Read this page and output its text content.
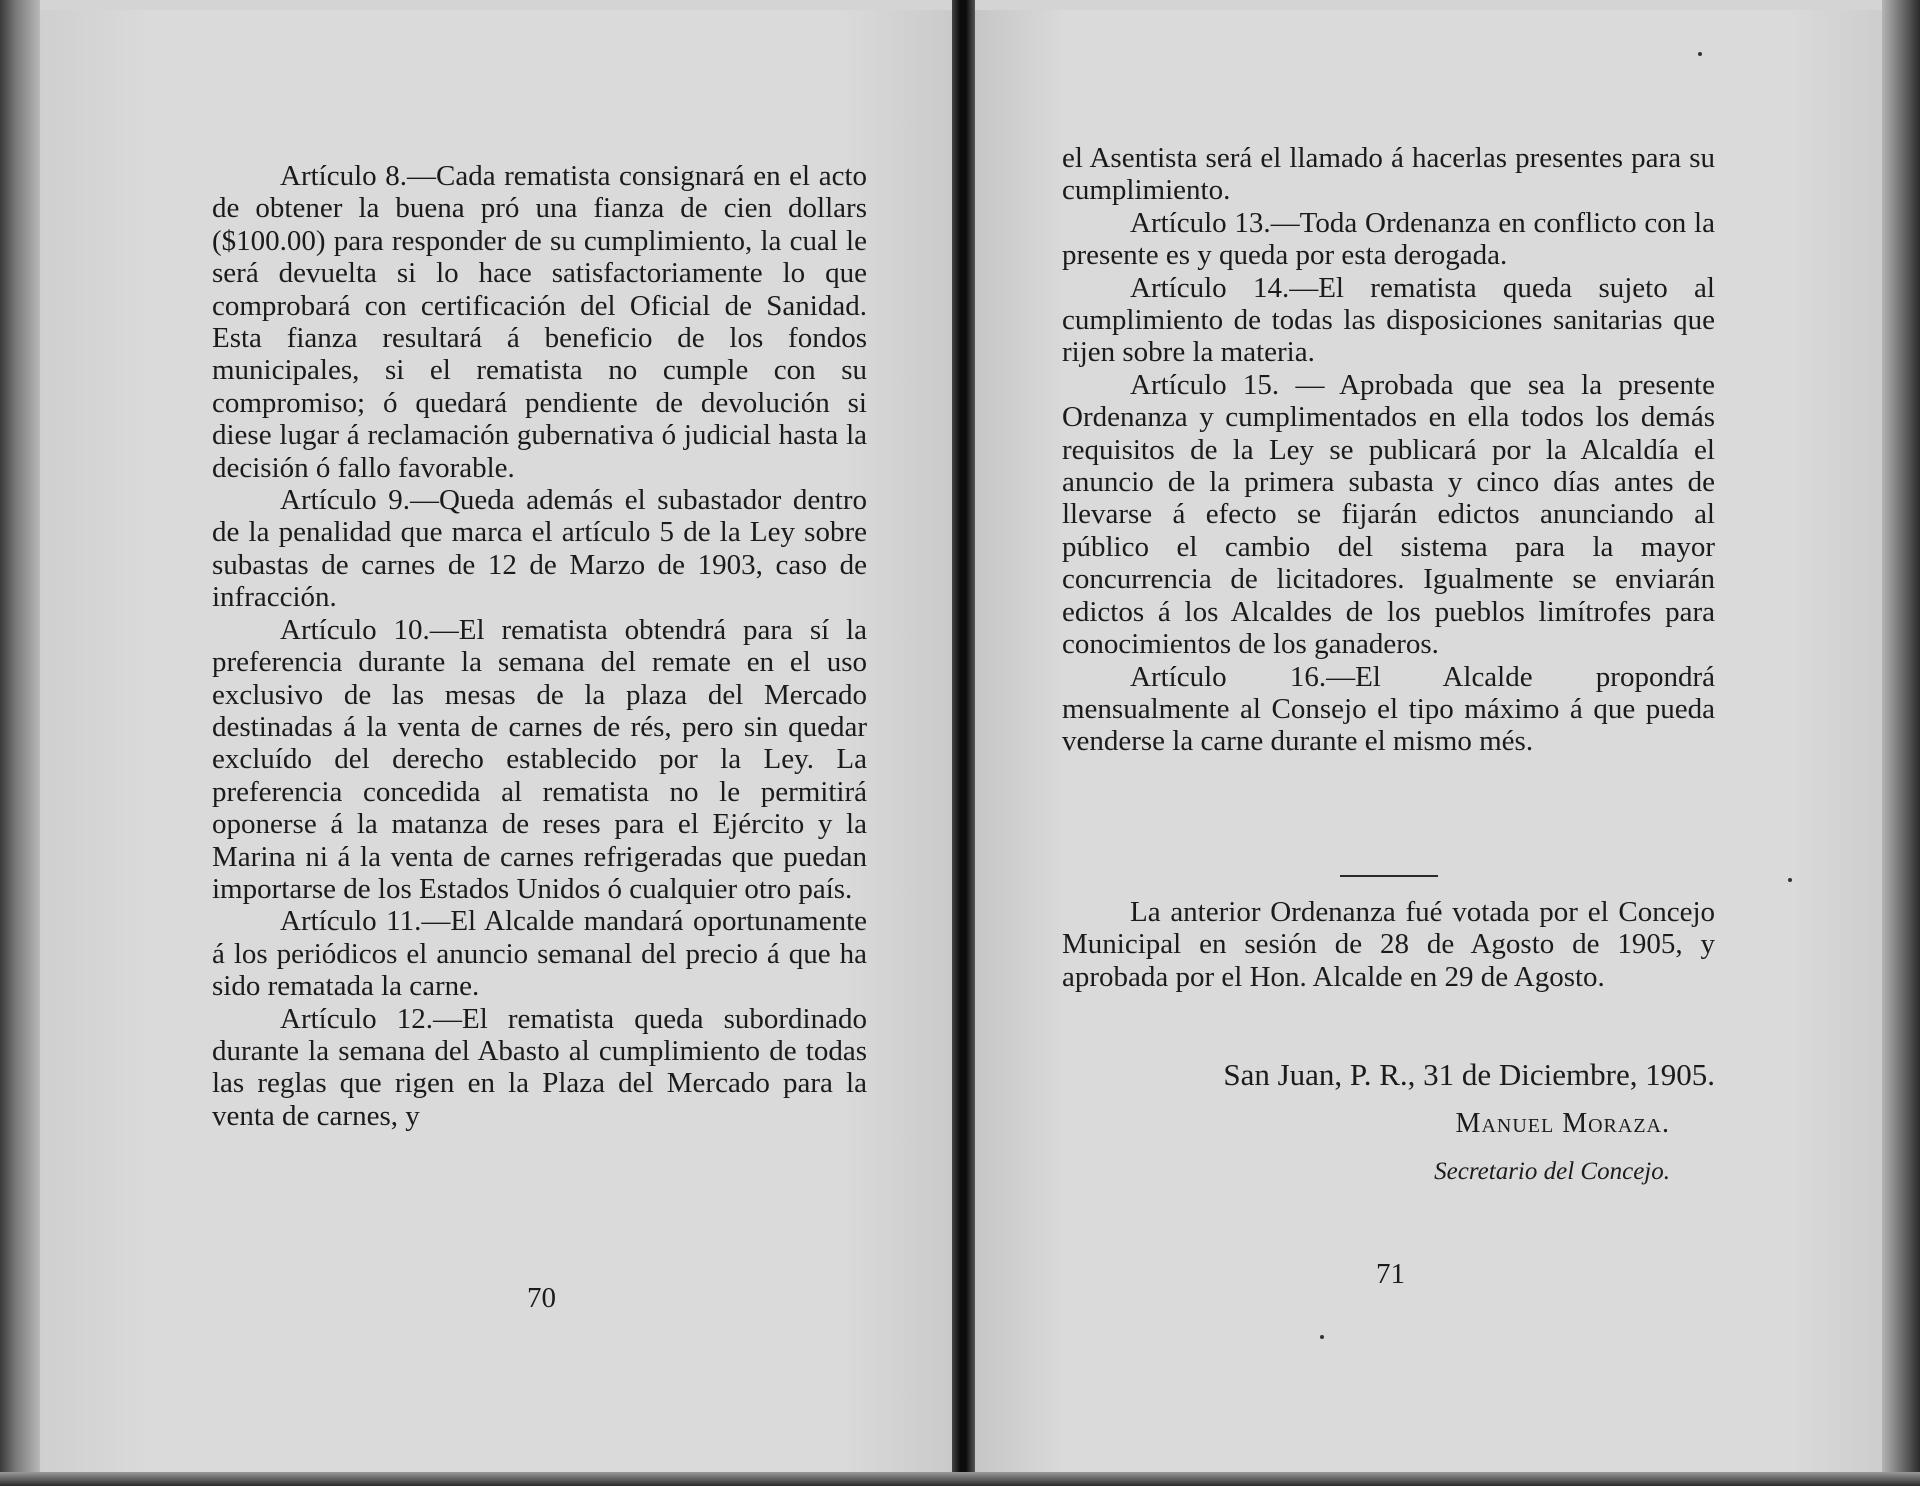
Artículo 8.—Cada rematista consignará en el acto de obtener la buena pró una fianza de cien dollars ($100.00) para responder de su cumplimiento, la cual le será devuelta si lo hace satisfactoriamente lo que comprobará con certificación del Oficial de Sanidad. Esta fianza resultará á beneficio de los fondos municipales, si el rematista no cumple con su compromiso; ó quedará pendiente de devolución si diese lugar á reclamación gubernativa ó judicial hasta la decisión ó fallo favorable.

Artículo 9.—Queda además el subastador dentro de la penalidad que marca el artículo 5 de la Ley sobre subastas de carnes de 12 de Marzo de 1903, caso de infracción.

Artículo 10.—El rematista obtendrá para sí la preferencia durante la semana del remate en el uso exclusivo de las mesas de la plaza del Mercado destinadas á la venta de carnes de rés, pero sin quedar excluído del derecho establecido por la Ley. La preferencia concedida al rematista no le permitirá oponerse á la matanza de reses para el Ejército y la Marina ni á la venta de carnes refrigeradas que puedan importarse de los Estados Unidos ó cualquier otro país.

Artículo 11.—El Alcalde mandará oportunamente á los periódicos el anuncio semanal del precio á que ha sido rematada la carne.

Artículo 12.—El rematista queda subordinado durante la semana del Abasto al cumplimiento de todas las reglas que rigen en la Plaza del Mercado para la venta de carnes, y

70

el Asentista será el llamado á hacerlas presentes para su cumplimiento.

Artículo 13.—Toda Ordenanza en conflicto con la presente es y queda por esta derogada.

Artículo 14.—El rematista queda sujeto al cumplimiento de todas las disposiciones sanitarias que rijen sobre la materia.

Artículo 15. — Aprobada que sea la presente Ordenanza y cumplimentados en ella todos los demás requisitos de la Ley se publicará por la Alcaldía el anuncio de la primera subasta y cinco días antes de llevarse á efecto se fijarán edictos anunciando al público el cambio del sistema para la mayor concurrencia de licitadores. Igualmente se enviarán edictos á los Alcaldes de los pueblos limítrofes para conocimientos de los ganaderos.

Artículo 16.—El Alcalde propondrá mensualmente al Consejo el tipo máximo á que pueda venderse la carne durante el mismo més.

La anterior Ordenanza fué votada por el Concejo Municipal en sesión de 28 de Agosto de 1905, y aprobada por el Hon. Alcalde en 29 de Agosto.

San Juan, P. R., 31 de Diciembre, 1905.
Manuel Moraza.
Secretario del Concejo.
71
